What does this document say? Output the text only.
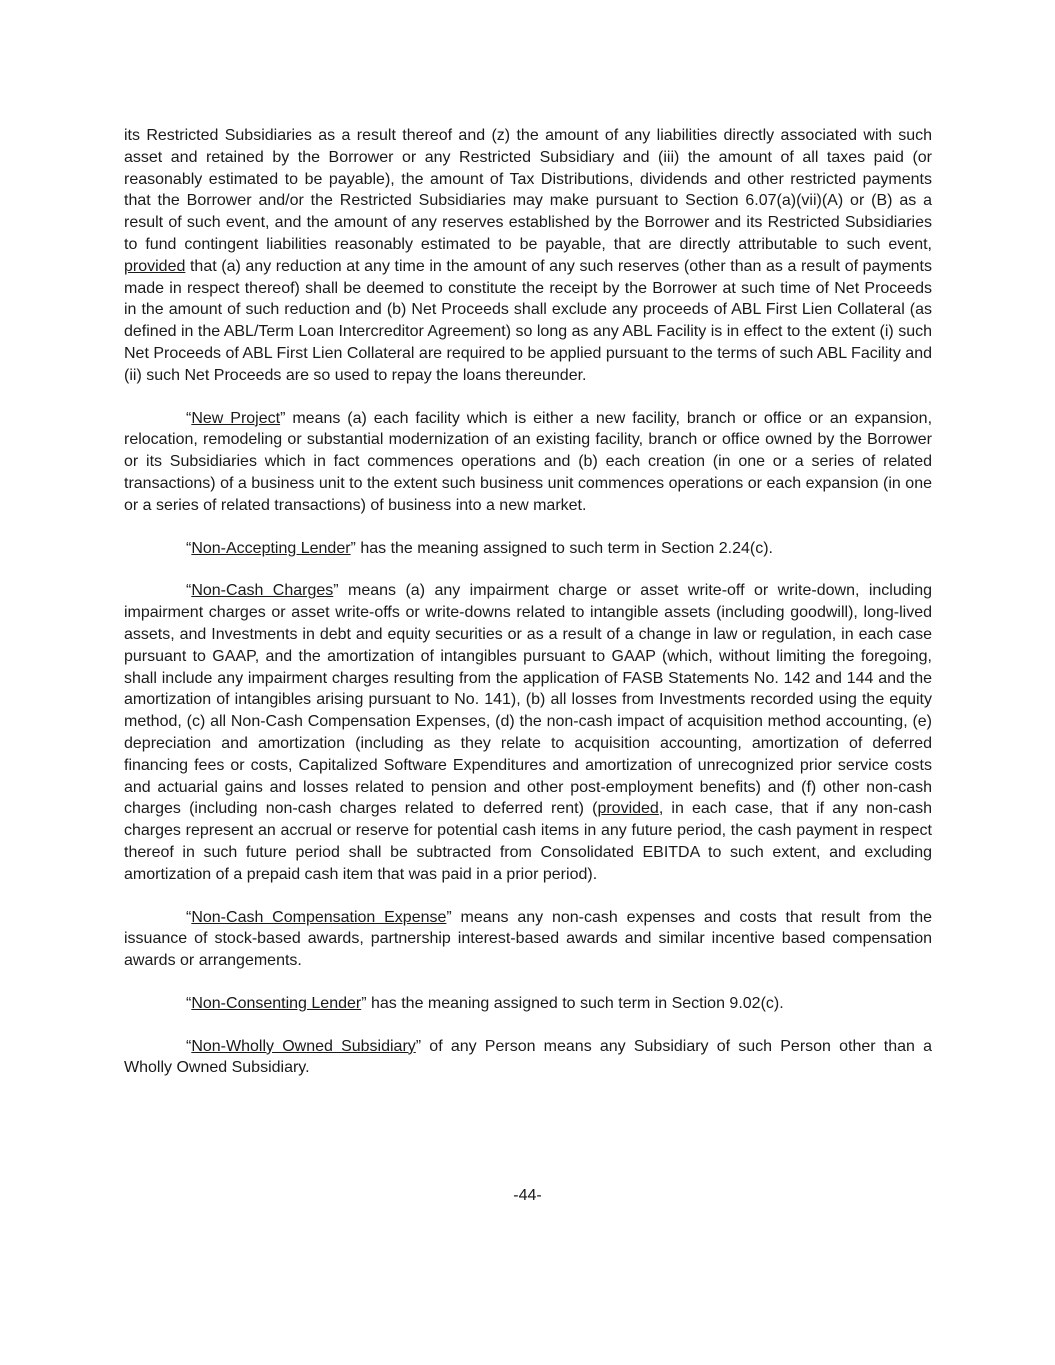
its Restricted Subsidiaries as a result thereof and (z) the amount of any liabilities directly associated with such asset and retained by the Borrower or any Restricted Subsidiary and (iii) the amount of all taxes paid (or reasonably estimated to be payable), the amount of Tax Distributions, dividends and other restricted payments that the Borrower and/or the Restricted Subsidiaries may make pursuant to Section 6.07(a)(vii)(A) or (B) as a result of such event, and the amount of any reserves established by the Borrower and its Restricted Subsidiaries to fund contingent liabilities reasonably estimated to be payable, that are directly attributable to such event, provided that (a) any reduction at any time in the amount of any such reserves (other than as a result of payments made in respect thereof) shall be deemed to constitute the receipt by the Borrower at such time of Net Proceeds in the amount of such reduction and (b) Net Proceeds shall exclude any proceeds of ABL First Lien Collateral (as defined in the ABL/Term Loan Intercreditor Agreement) so long as any ABL Facility is in effect to the extent (i) such Net Proceeds of ABL First Lien Collateral are required to be applied pursuant to the terms of such ABL Facility and (ii) such Net Proceeds are so used to repay the loans thereunder.

“New Project” means (a) each facility which is either a new facility, branch or office or an expansion, relocation, remodeling or substantial modernization of an existing facility, branch or office owned by the Borrower or its Subsidiaries which in fact commences operations and (b) each creation (in one or a series of related transactions) of a business unit to the extent such business unit commences operations or each expansion (in one or a series of related transactions) of business into a new market.

“Non-Accepting Lender” has the meaning assigned to such term in Section 2.24(c).

“Non-Cash Charges” means (a) any impairment charge or asset write-off or write-down, including impairment charges or asset write-offs or write-downs related to intangible assets (including goodwill), long-lived assets, and Investments in debt and equity securities or as a result of a change in law or regulation, in each case pursuant to GAAP, and the amortization of intangibles pursuant to GAAP (which, without limiting the foregoing, shall include any impairment charges resulting from the application of FASB Statements No. 142 and 144 and the amortization of intangibles arising pursuant to No. 141), (b) all losses from Investments recorded using the equity method, (c) all Non-Cash Compensation Expenses, (d) the non-cash impact of acquisition method accounting, (e) depreciation and amortization (including as they relate to acquisition accounting, amortization of deferred financing fees or costs, Capitalized Software Expenditures and amortization of unrecognized prior service costs and actuarial gains and losses related to pension and other post-employment benefits) and (f) other non-cash charges (including non-cash charges related to deferred rent) (provided, in each case, that if any non-cash charges represent an accrual or reserve for potential cash items in any future period, the cash payment in respect thereof in such future period shall be subtracted from Consolidated EBITDA to such extent, and excluding amortization of a prepaid cash item that was paid in a prior period).

“Non-Cash Compensation Expense” means any non-cash expenses and costs that result from the issuance of stock-based awards, partnership interest-based awards and similar incentive based compensation awards or arrangements.

“Non-Consenting Lender” has the meaning assigned to such term in Section 9.02(c).

“Non-Wholly Owned Subsidiary” of any Person means any Subsidiary of such Person other than a Wholly Owned Subsidiary.

-44-
